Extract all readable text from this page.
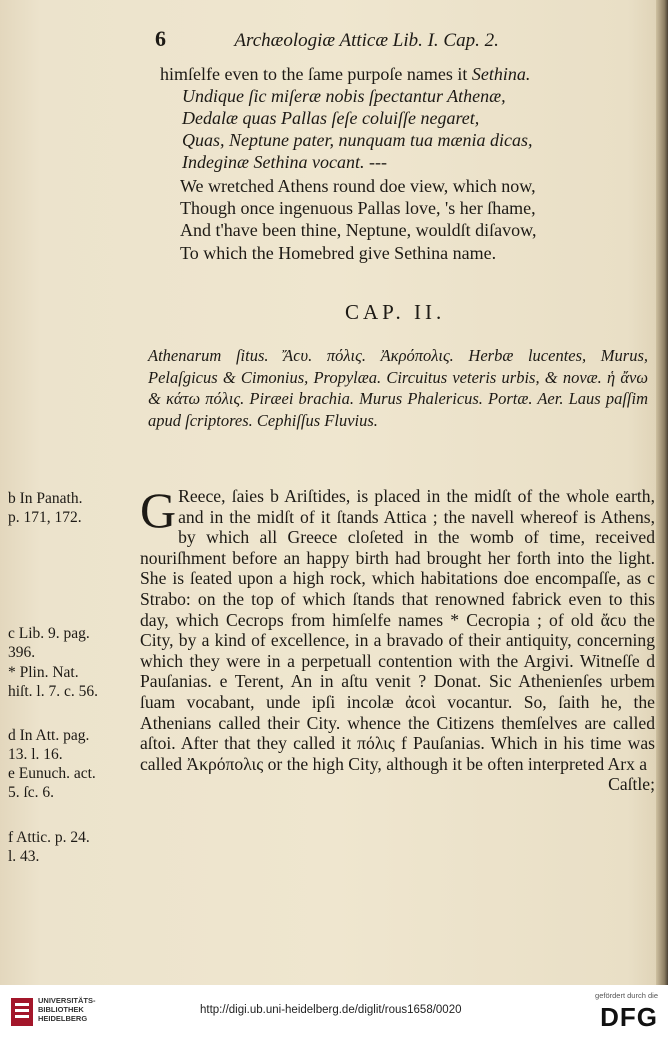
6	Archæologiæ Atticæ Lib. I. Cap. 2.
himſelfe even to the ſame purpoſe names it Sethina.
Undique ſic miſeræ nobis ſpectantur Athenæ,
Dedalæ quas Pallas ſeſe coluiſſe negaret,
Quas, Neptune pater, nunquam tua mænia dicas,
Indeginæ Sethina vocant. ---
We wretched Athens round doe view, which now,
Though once ingenuous Pallas love, 's her ſhame,
And t'have been thine, Neptune, wouldſt diſavow,
To which the Homebred give Sethina name.
CAP. II.
Athenarum ſitus. Ἄϲυ. πόλις. Ἀκρόπολις. Herbæ lucentes, Murus, Pelaſgicus & Cimonius, Propylæa. Circuitus veteris urbis, & novæ. ἡ ἄνω & κάτω πόλις. Piræei brachia. Murus Phalericus. Portæ. Aer. Laus paſſim apud ſcriptores. Cephiſſus Fluvius.
b In Panath.
p. 171, 172.
c Lib. 9. pag.
396.
* Plin. Nat.
hiſt. l. 7. c. 56.
d In Att. pag.
13. l. 16.
e Eunuch. act.
5. ſc. 6.
f Attic. p. 24.
l. 43.

G Reece, ſaies b Ariſtides, is placed in the midſt of the whole earth, and in the midſt of it ſtands Attica ; the navell whereof is Athens, by which all Greece cloſeted in the womb of time, received nouriſhment before an happy birth had brought her forth into the light. She is ſeated upon a high rock, which habitations doe encompaſſe, as c Strabo: on the top of which ſtands that renowned fabrick even to this day, which Cecrops from himſelfe names * Cecropia ; of old ἄϲυ the City, by a kind of excellence, in a bravado of their antiquity, concerning which they were in a perpetuall contention with the Argivi. Witneſſe d Pauſanias. e Terent, An in aſtu venit ? Donat. Sic Athenienſes urbem ſuam vocabant, unde ipſi incolæ ἀϲοὶ vocantur. So, ſaith he, the Athenians called their City. whence the Citizens themſelves are called aſtoi. After that they called it πόλις f Pauſanias. Which in his time was called Ἀκρόπολις or the high City, although it be often interpreted Arx a

Caſtle;
UNIVERSITÄTS-
BIBLIOTHEK
HEIDELBERG
http://digi.ub.uni-heidelberg.de/diglit/rous1658/0020
gefördert durch die
DFG
